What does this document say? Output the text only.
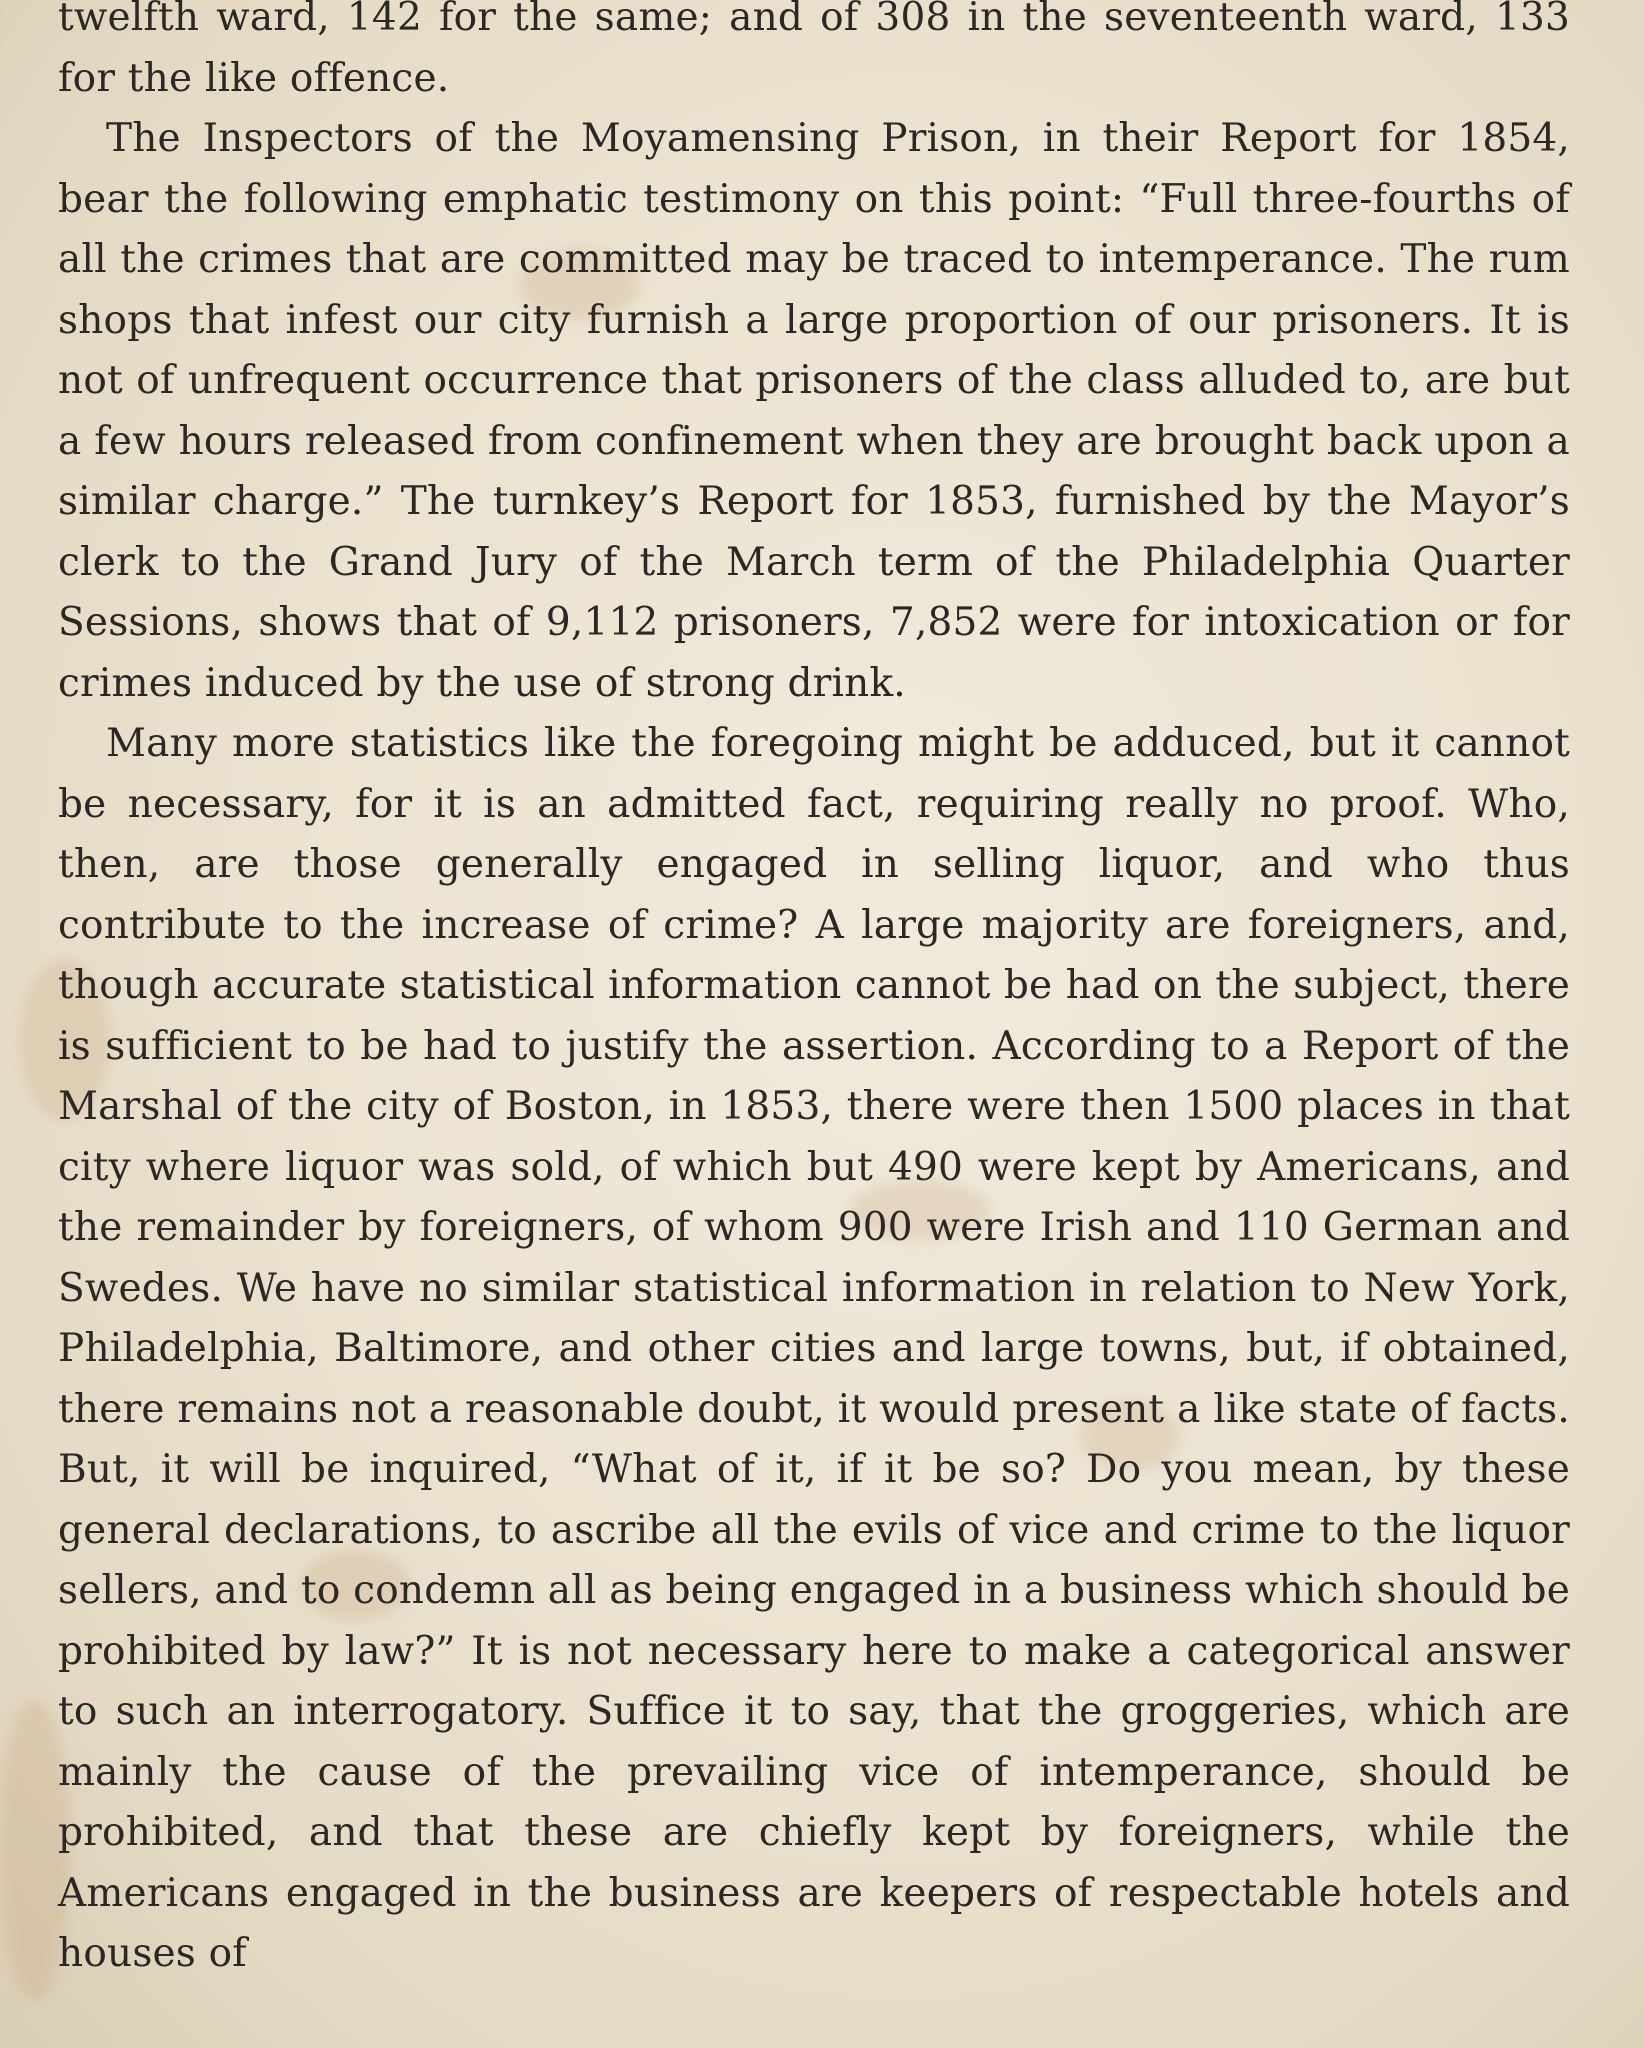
twelfth ward, 142 for the same; and of 308 in the seventeenth ward, 133 for the like offence.

The Inspectors of the Moyamensing Prison, in their Report for 1854, bear the following emphatic testimony on this point: “Full three-fourths of all the crimes that are committed may be traced to intemperance. The rum shops that infest our city furnish a large proportion of our prisoners. It is not of unfrequent occurrence that prisoners of the class alluded to, are but a few hours released from confinement when they are brought back upon a similar charge.” The turnkey’s Report for 1853, furnished by the Mayor’s clerk to the Grand Jury of the March term of the Philadelphia Quarter Sessions, shows that of 9,112 prisoners, 7,852 were for intoxication or for crimes induced by the use of strong drink.

Many more statistics like the foregoing might be adduced, but it cannot be necessary, for it is an admitted fact, requiring really no proof. Who, then, are those generally engaged in selling liquor, and who thus contribute to the increase of crime? A large majority are foreigners, and, though accurate statistical information cannot be had on the subject, there is sufficient to be had to justify the assertion. According to a Report of the Marshal of the city of Boston, in 1853, there were then 1500 places in that city where liquor was sold, of which but 490 were kept by Americans, and the remainder by foreigners, of whom 900 were Irish and 110 German and Swedes. We have no similar statistical information in relation to New York, Philadelphia, Baltimore, and other cities and large towns, but, if obtained, there remains not a reasonable doubt, it would present a like state of facts. But, it will be inquired, “What of it, if it be so? Do you mean, by these general declarations, to ascribe all the evils of vice and crime to the liquor sellers, and to condemn all as being engaged in a business which should be prohibited by law?” It is not necessary here to make a categorical answer to such an interrogatory. Suffice it to say, that the groggeries, which are mainly the cause of the prevailing vice of intemperance, should be prohibited, and that these are chiefly kept by foreigners, while the Americans engaged in the business are keepers of respectable hotels and houses of
